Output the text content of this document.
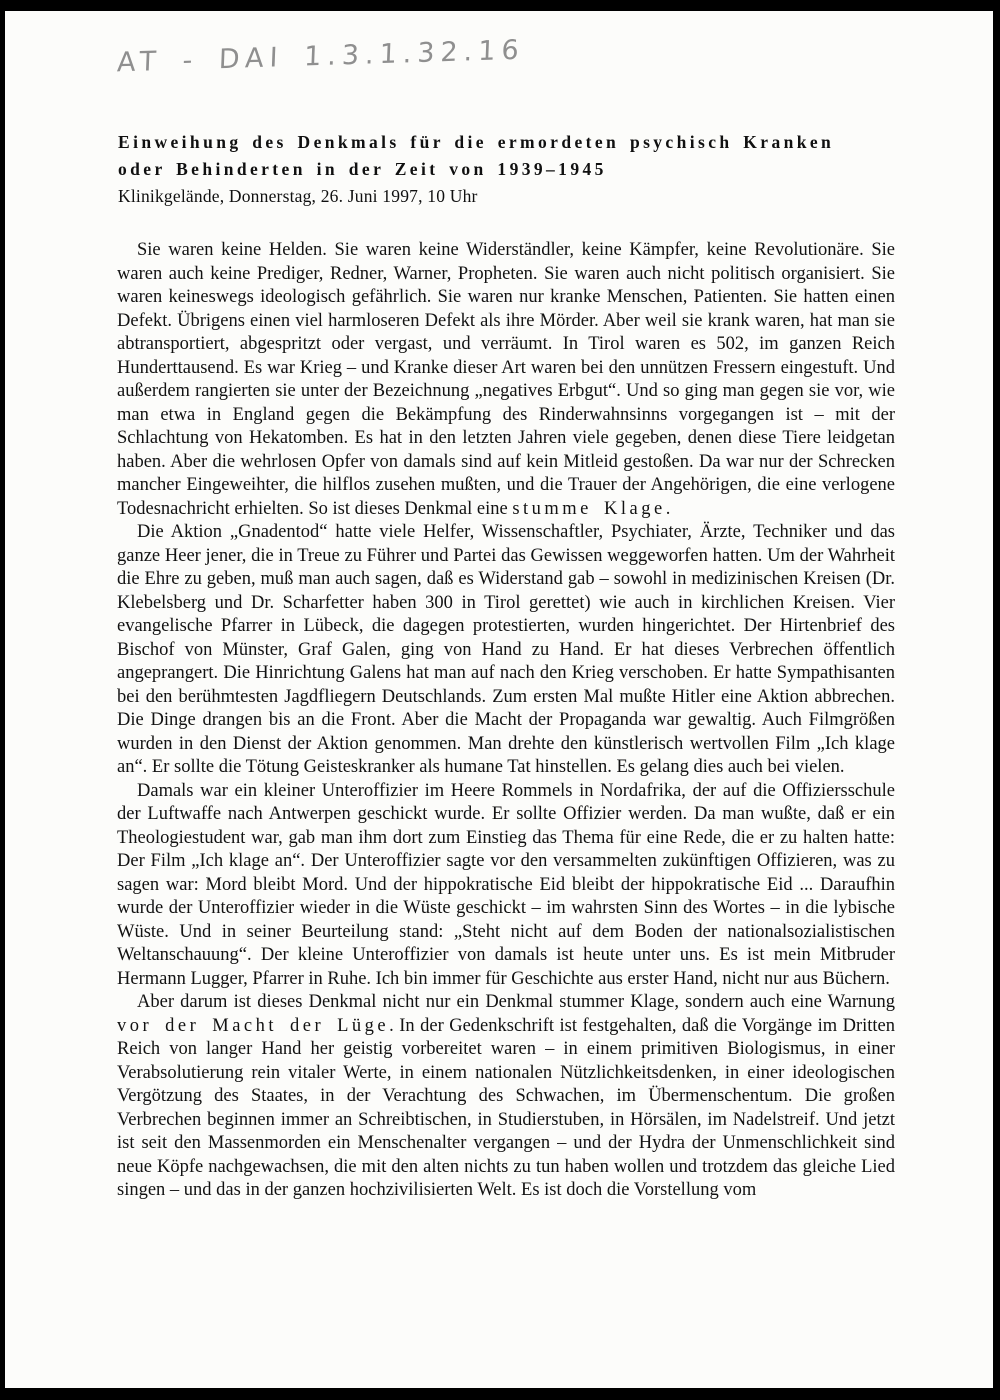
AT - DAI 1.3.1.32.16
Einweihung des Denkmals für die ermordeten psychisch Kranken
oder Behinderten in der Zeit von 1939–1945
Klinikgelände, Donnerstag, 26. Juni 1997, 10 Uhr

Sie waren keine Helden. Sie waren keine Widerständler, keine Kämpfer, keine Revolutionäre. Sie waren auch keine Prediger, Redner, Warner, Propheten. Sie waren auch nicht politisch organisiert. Sie waren keineswegs ideologisch gefährlich. Sie waren nur kranke Menschen, Patienten. Sie hatten einen Defekt. Übrigens einen viel harmloseren Defekt als ihre Mörder. Aber weil sie krank waren, hat man sie abtransportiert, abgespritzt oder vergast, und verräumt. In Tirol waren es 502, im ganzen Reich Hunderttausend. Es war Krieg – und Kranke dieser Art waren bei den unnützen Fressern eingestuft. Und außerdem rangierten sie unter der Bezeichnung „negatives Erbgut“. Und so ging man gegen sie vor, wie man etwa in England gegen die Bekämpfung des Rinderwahnsinns vorgegangen ist – mit der Schlachtung von Hekatomben. Es hat in den letzten Jahren viele gegeben, denen diese Tiere leidgetan haben. Aber die wehrlosen Opfer von damals sind auf kein Mitleid gestoßen. Da war nur der Schrecken mancher Eingeweihter, die hilflos zusehen mußten, und die Trauer der Angehörigen, die eine verlogene Todesnachricht erhielten. So ist dieses Denkmal eine stumme Klage.

Die Aktion „Gnadentod“ hatte viele Helfer, Wissenschaftler, Psychiater, Ärzte, Techniker und das ganze Heer jener, die in Treue zu Führer und Partei das Gewissen weggeworfen hatten. Um der Wahrheit die Ehre zu geben, muß man auch sagen, daß es Widerstand gab – sowohl in medizinischen Kreisen (Dr. Klebelsberg und Dr. Scharfetter haben 300 in Tirol gerettet) wie auch in kirchlichen Kreisen. Vier evangelische Pfarrer in Lübeck, die dagegen protestierten, wurden hingerichtet. Der Hirtenbrief des Bischof von Münster, Graf Galen, ging von Hand zu Hand. Er hat dieses Verbrechen öffentlich angeprangert. Die Hinrichtung Galens hat man auf nach den Krieg verschoben. Er hatte Sympathisanten bei den berühmtesten Jagdfliegern Deutschlands. Zum ersten Mal mußte Hitler eine Aktion abbrechen. Die Dinge drangen bis an die Front. Aber die Macht der Propaganda war gewaltig. Auch Filmgrößen wurden in den Dienst der Aktion genommen. Man drehte den künstlerisch wertvollen Film „Ich klage an“. Er sollte die Tötung Geisteskranker als humane Tat hinstellen. Es gelang dies auch bei vielen.

Damals war ein kleiner Unteroffizier im Heere Rommels in Nordafrika, der auf die Offiziersschule der Luftwaffe nach Antwerpen geschickt wurde. Er sollte Offizier werden. Da man wußte, daß er ein Theologiestudent war, gab man ihm dort zum Einstieg das Thema für eine Rede, die er zu halten hatte: Der Film „Ich klage an“. Der Unteroffizier sagte vor den versammelten zukünftigen Offizieren, was zu sagen war: Mord bleibt Mord. Und der hippokratische Eid bleibt der hippokratische Eid ... Daraufhin wurde der Unteroffizier wieder in die Wüste geschickt – im wahrsten Sinn des Wortes – in die lybische Wüste. Und in seiner Beurteilung stand: „Steht nicht auf dem Boden der nationalsozialistischen Weltanschauung“. Der kleine Unteroffizier von damals ist heute unter uns. Es ist mein Mitbruder Hermann Lugger, Pfarrer in Ruhe. Ich bin immer für Geschichte aus erster Hand, nicht nur aus Büchern.

Aber darum ist dieses Denkmal nicht nur ein Denkmal stummer Klage, sondern auch eine Warnung vor der Macht der Lüge. In der Gedenkschrift ist festgehalten, daß die Vorgänge im Dritten Reich von langer Hand her geistig vorbereitet waren – in einem primitiven Biologismus, in einer Verabsolutierung rein vitaler Werte, in einem nationalen Nützlichkeitsdenken, in einer ideologischen Vergötzung des Staates, in der Verachtung des Schwachen, im Übermenschentum. Die großen Verbrechen beginnen immer an Schreibtischen, in Studierstuben, in Hörsälen, im Nadelstreif. Und jetzt ist seit den Massenmorden ein Menschenalter vergangen – und der Hydra der Unmenschlichkeit sind neue Köpfe nachgewachsen, die mit den alten nichts zu tun haben wollen und trotzdem das gleiche Lied singen – und das in der ganzen hochzivilisierten Welt. Es ist doch die Vorstellung vom
